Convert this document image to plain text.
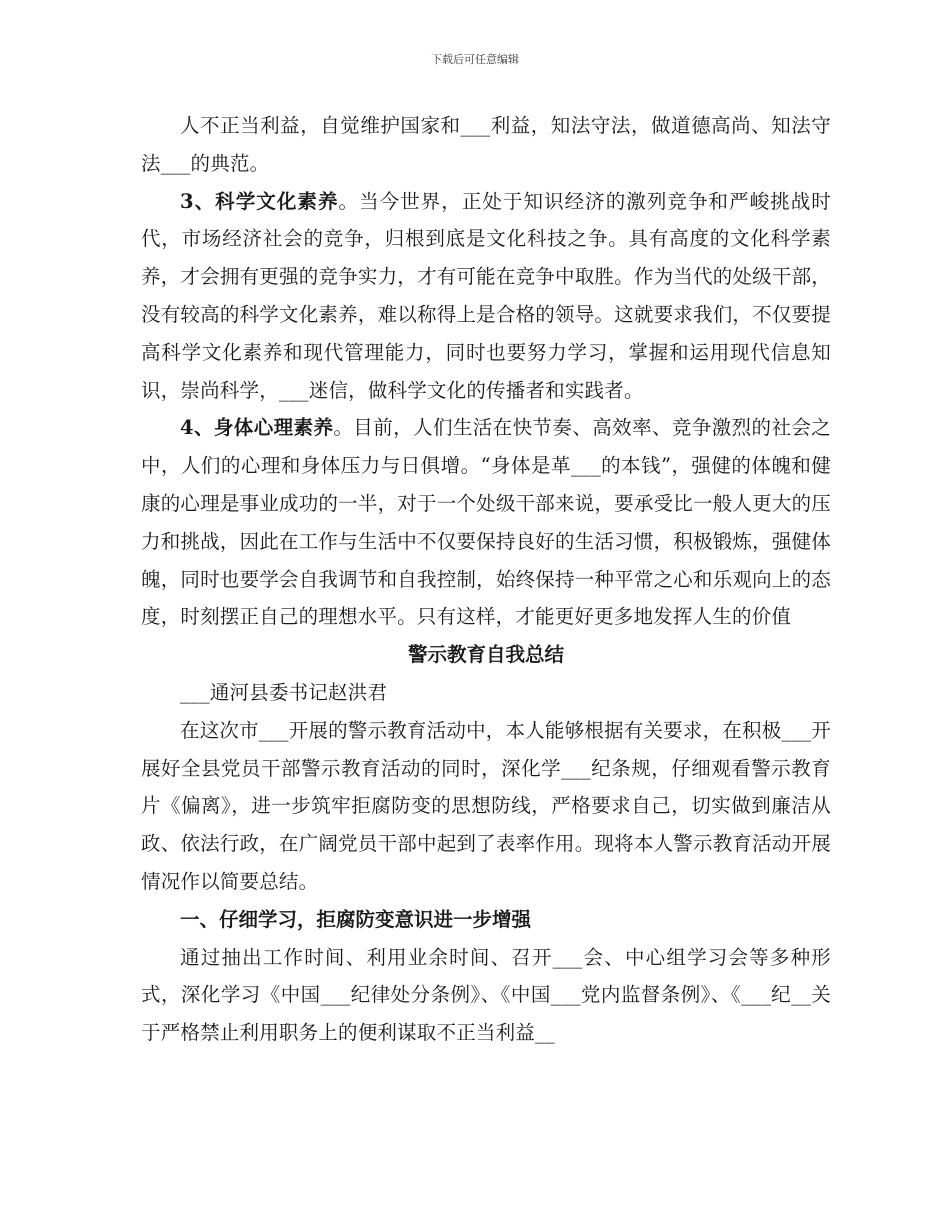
下载后可任意编辑

人不正当利益，自觉维护国家和___利益，知法守法，做道德高尚、知法守法___的典范。

3、科学文化素养。当今世界，正处于知识经济的激列竞争和严峻挑战时代，市场经济社会的竞争，归根到底是文化科技之争。具有高度的文化科学素养，才会拥有更强的竞争实力，才有可能在竞争中取胜。作为当代的处级干部，没有较高的科学文化素养，难以称得上是合格的领导。这就要求我们，不仅要提高科学文化素养和现代管理能力，同时也要努力学习，掌握和运用现代信息知识，崇尚科学，___迷信，做科学文化的传播者和实践者。

4、身体心理素养。目前，人们生活在快节奏、高效率、竞争激烈的社会之中，人们的心理和身体压力与日俱增。“身体是革___的本钱”，强健的体魄和健康的心理是事业成功的一半，对于一个处级干部来说，要承受比一般人更大的压力和挑战，因此在工作与生活中不仅要保持良好的生活习惯，积极锻炼，强健体魄，同时也要学会自我调节和自我控制，始终保持一种平常之心和乐观向上的态度，时刻摆正自己的理想水平。只有这样，才能更好更多地发挥人生的价值

警示教育自我总结

___通河县委书记赵洪君

在这次市___开展的警示教育活动中，本人能够根据有关要求，在积极___开展好全县党员干部警示教育活动的同时，深化学___纪条规，仔细观看警示教育片《偏离》，进一步筑牢拒腐防变的思想防线，严格要求自己，切实做到廉洁从政、依法行政，在广阔党员干部中起到了表率作用。现将本人警示教育活动开展情况作以简要总结。

一、仔细学习，拒腐防变意识进一步增强

通过抽出工作时间、利用业余时间、召开___会、中心组学习会等多种形式，深化学习《中国___纪律处分条例》、《中国___党内监督条例》、《___纪__关于严格禁止利用职务上的便利谋取不正当利益__
